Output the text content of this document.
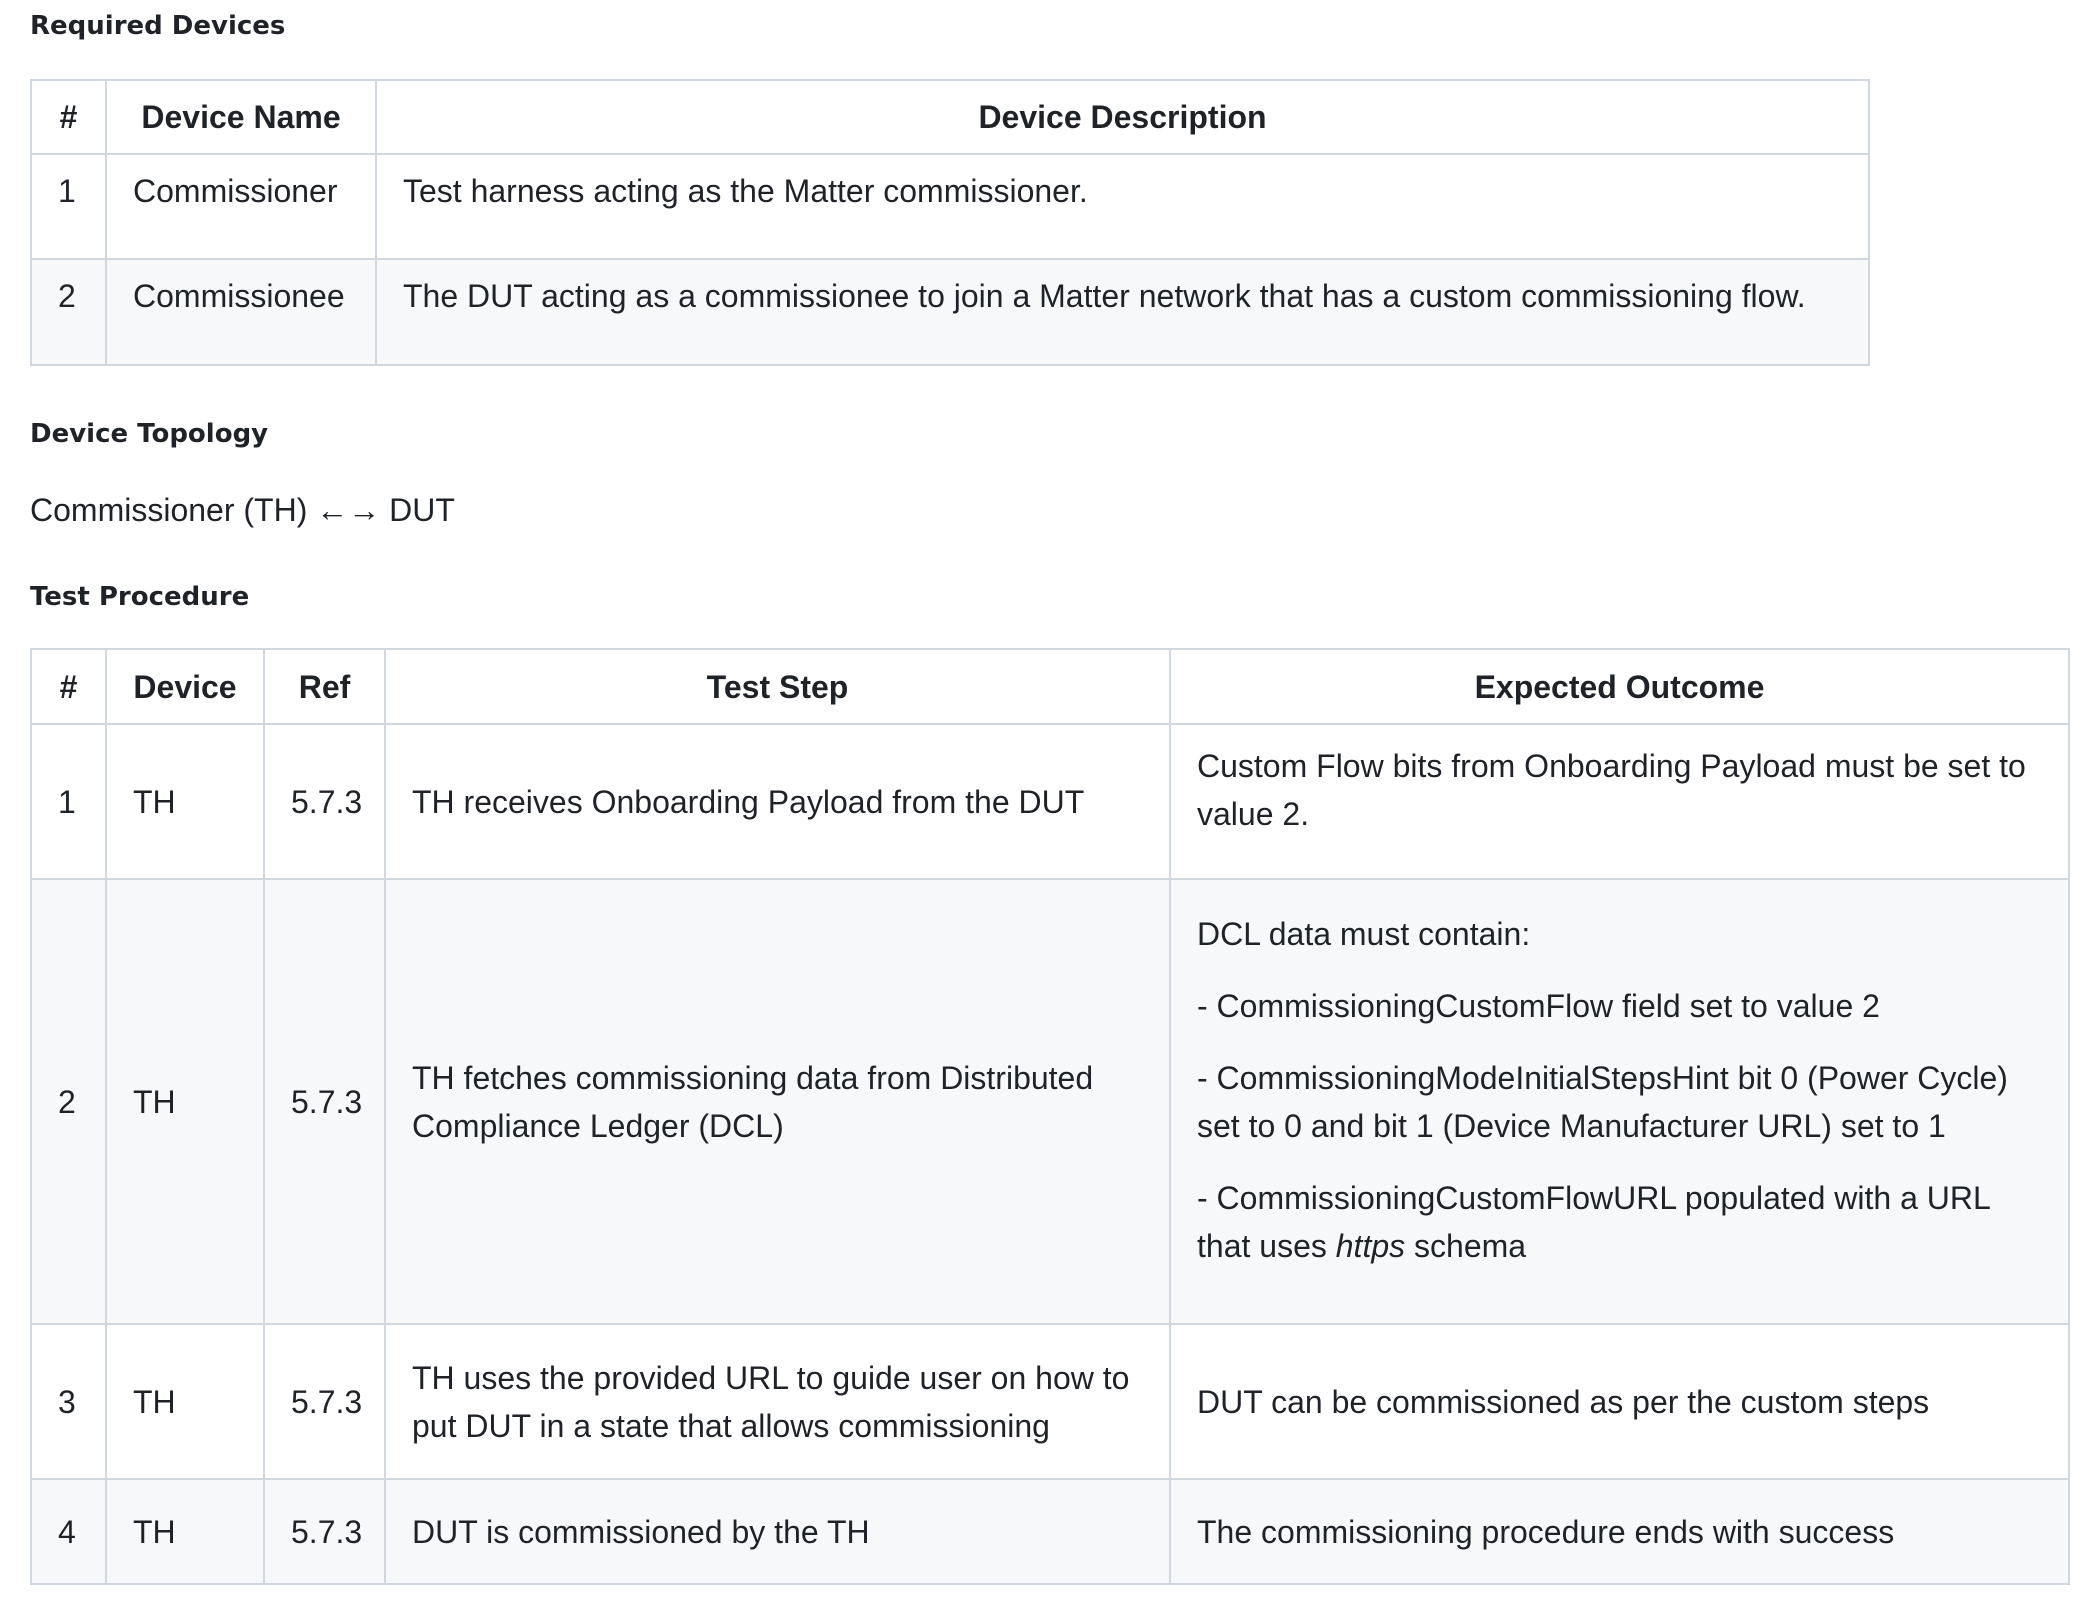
Required Devices
#	Device Name	Device Description
1	Commissioner	Test harness acting as the Matter commissioner.
2	Commissionee	The DUT acting as a commissionee to join a Matter network that has a custom commissioning flow.
Device Topology

Commissioner (TH) ←→ DUT

Test Procedure
#	Device	Ref	Test Step	Expected Outcome
1	TH	5.7.3	TH receives Onboarding Payload from the DUT	Custom Flow bits from Onboarding Payload must be set to value 2.

2	TH	5.7.3	TH fetches commissioning data from Distributed Compliance Ledger (DCL)	DCL data must contain:
- CommissioningCustomFlow field set to value 2
- CommissioningModeInitialStepsHint bit 0 (Power Cycle) set to 0 and bit 1 (Device Manufacturer URL) set to 1
- CommissioningCustomFlowURL populated with a URL that uses https schema

3	TH	5.7.3	TH uses the provided URL to guide user on how to put DUT in a state that allows commissioning	DUT can be commissioned as per the custom steps
4	TH	5.7.3	DUT is commissioned by the TH	The commissioning procedure ends with success
